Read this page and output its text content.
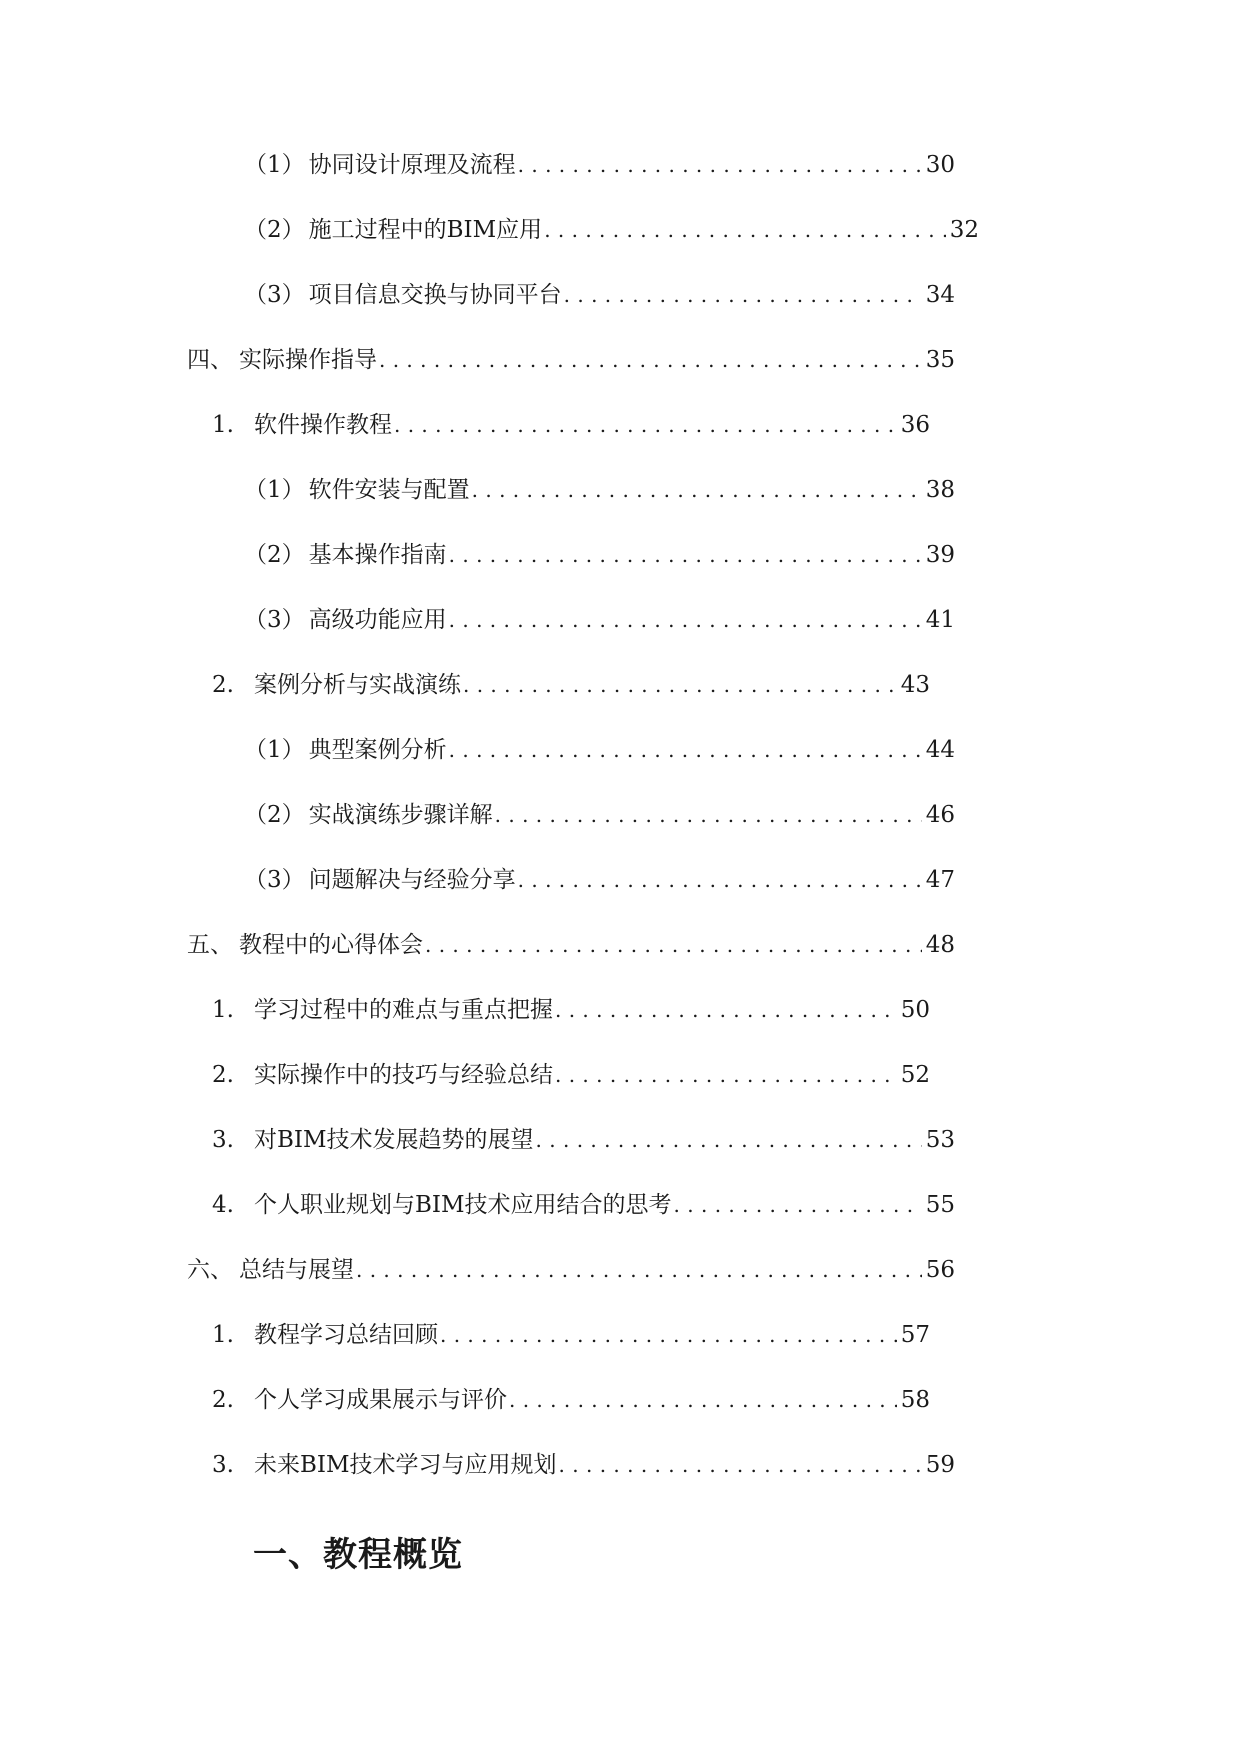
（1） 协同设计原理及流程 . . .	30
（2） 施工过程中的BIM应用 . . .	32
（3） 项目信息交换与协同平台 . . .	34
四、 实际操作指导 . . .	35
1. 软件操作教程 . . .	36
（1） 软件安装与配置 . . .	38
（2） 基本操作指南 . . .	39
（3） 高级功能应用 . . .	41
2. 案例分析与实战演练 . . .	43
（1） 典型案例分析 . . .	44
（2） 实战演练步骤详解 . . .	46
（3） 问题解决与经验分享 . . .	47
五、 教程中的心得体会 . . .	48
1. 学习过程中的难点与重点把握 . . .	50
2. 实际操作中的技巧与经验总结 . . .	52
3. 对BIM技术发展趋势的展望 . . .	53
4. 个人职业规划与BIM技术应用结合的思考 . . .	55
六、 总结与展望 . . .	56
1. 教程学习总结回顾 . . .	57
2. 个人学习成果展示与评价 . . .	58
3. 未来BIM技术学习与应用规划 . . .	59
一、教程概览
